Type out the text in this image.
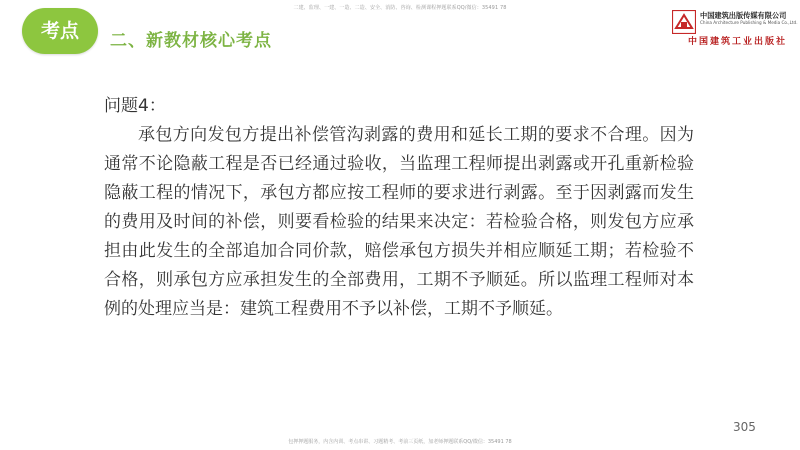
二建、监理、一建、一造、二造、安全、消防、咨询、检测课程押题联系QQ/微信：35491 78
考点	二、新教材核心考点
中国建筑出版传媒有限公司
China Architecture Publishing & Media Co.,Ltd.
中国建筑工业出版社

问题4：

承包方向发包方提出补偿管沟剥露的费用和延长工期的要求不合理。因为通常不论隐蔽工程是否已经通过验收，当监理工程师提出剥露或开孔重新检验隐蔽工程的情况下，承包方都应按工程师的要求进行剥露。至于因剥露而发生的费用及时间的补偿，则要看检验的结果来决定：若检验合格，则发包方应承担由此发生的全部追加合同价款，赔偿承包方损失并相应顺延工期；若检验不合格，则承包方应承担发生的全部费用，工期不予顺延。所以监理工程师对本例的处理应当是：建筑工程费用不予以补偿，工期不予顺延。

305
包押押题服务，内含内训、考点串讲、习题精考、考前三页纸，加老师押题联系QQ/微信：35491 78
